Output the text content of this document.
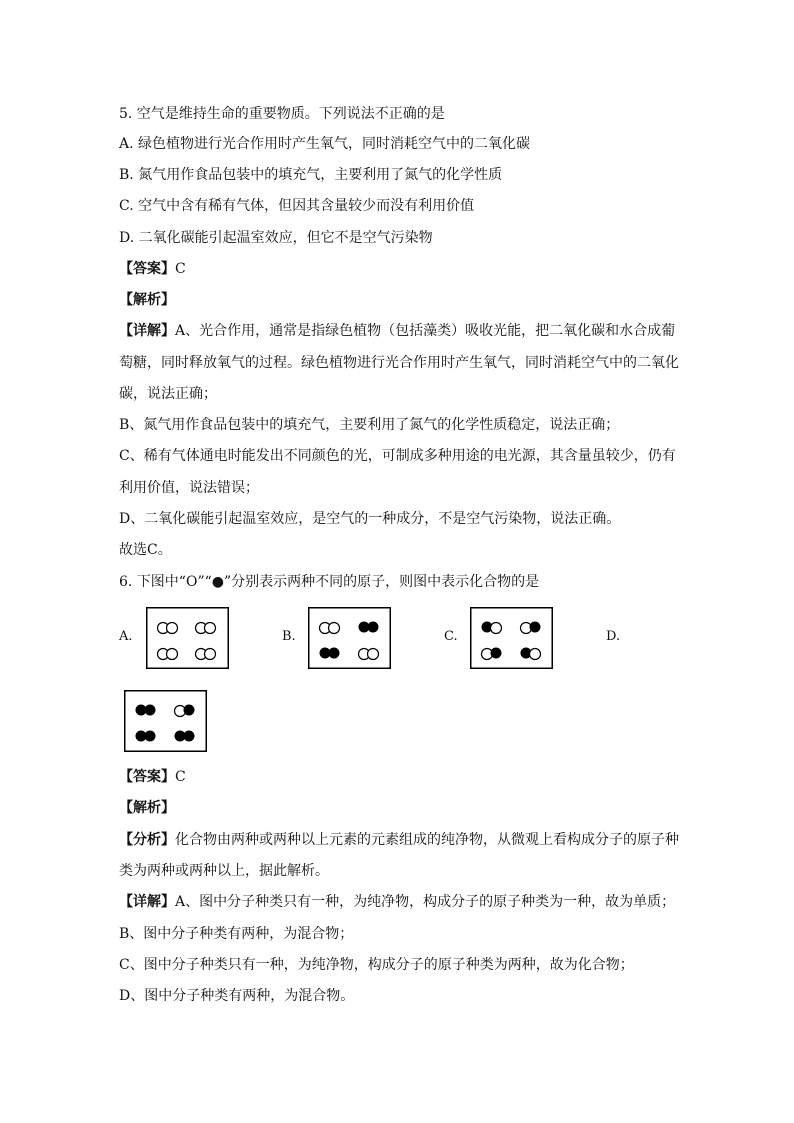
5. 空气是维持生命的重要物质。下列说法不正确的是
A. 绿色植物进行光合作用时产生氧气，同时消耗空气中的二氧化碳
B. 氮气用作食品包装中的填充气，主要利用了氮气的化学性质
C. 空气中含有稀有气体，但因其含量较少而没有利用价值
D. 二氧化碳能引起温室效应，但它不是空气污染物
【答案】C
【解析】
【详解】A、光合作用，通常是指绿色植物（包括藻类）吸收光能，把二氧化碳和水合成葡
萄糖，同时释放氧气的过程。绿色植物进行光合作用时产生氧气，同时消耗空气中的二氧化
碳，说法正确；
B、氮气用作食品包装中的填充气，主要利用了氮气的化学性质稳定，说法正确；
C、稀有气体通电时能发出不同颜色的光，可制成多种用途的电光源，其含量虽较少，仍有
利用价值，说法错误；
D、二氧化碳能引起温室效应，是空气的一种成分，不是空气污染物，说法正确。
故选C。
6. 下图中“O”“●”分别表示两种不同的原子，则图中表示化合物的是
A.	B.	C.	D.
【答案】C
【解析】
【分析】化合物由两种或两种以上元素的元素组成的纯净物，从微观上看构成分子的原子种
类为两种或两种以上，据此解析。
【详解】A、图中分子种类只有一种，为纯净物，构成分子的原子种类为一种，故为单质；
B、图中分子种类有两种，为混合物；
C、图中分子种类只有一种，为纯净物，构成分子的原子种类为两种，故为化合物；
D、图中分子种类有两种，为混合物。
